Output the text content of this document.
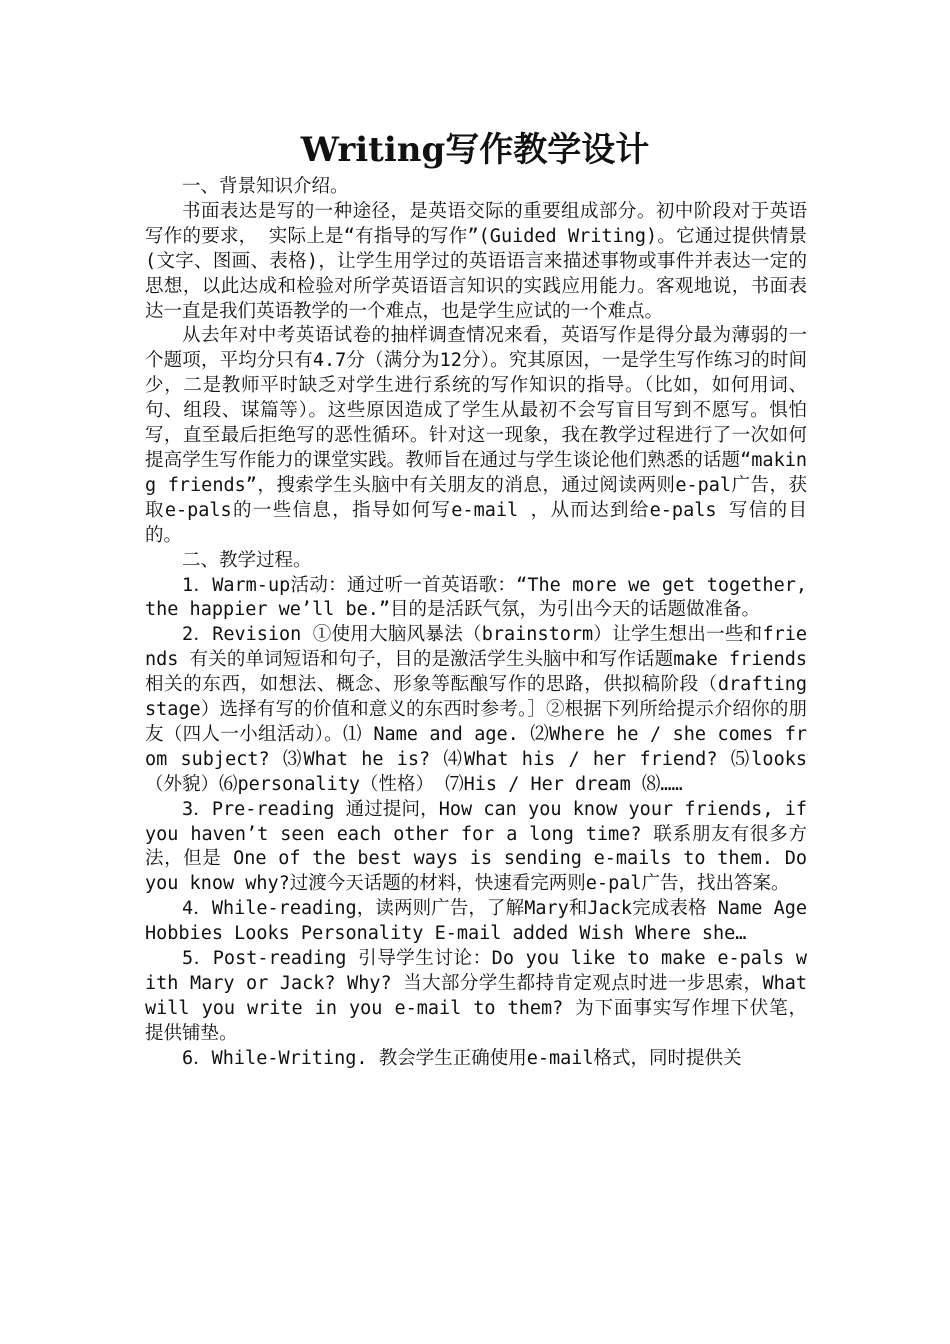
Writing写作教学设计

一、背景知识介绍。

书面表达是写的一种途径，是英语交际的重要组成部分。初中阶段对于英语写作的要求， 实际上是“有指导的写作”(Guided Writing)。它通过提供情景(文字、图画、表格)，让学生用学过的英语语言来描述事物或事件并表达一定的思想，以此达成和检验对所学英语语言知识的实践应用能力。客观地说，书面表达一直是我们英语教学的一个难点，也是学生应试的一个难点。

从去年对中考英语试卷的抽样调查情况来看，英语写作是得分最为薄弱的一个题项，平均分只有4.7分（满分为12分）。究其原因，一是学生写作练习的时间少，二是教师平时缺乏对学生进行系统的写作知识的指导。（比如，如何用词、句、组段、谋篇等）。这些原因造成了学生从最初不会写盲目写到不愿写。惧怕写，直至最后拒绝写的恶性循环。针对这一现象，我在教学过程进行了一次如何提高学生写作能力的课堂实践。教师旨在通过与学生谈论他们熟悉的话题“making friends”，搜索学生头脑中有关朋友的消息，通过阅读两则e-pal广告，获取e-pals的一些信息，指导如何写e-mail ，从而达到给e-pals 写信的目的。

二、教学过程。

1．Warm-up活动：通过听一首英语歌：“The more we get together, the happier we’ll be.”目的是活跃气氛，为引出今天的话题做准备。

2．Revision ①使用大脑风暴法（brainstorm）让学生想出一些和friends 有关的单词短语和句子，目的是激活学生头脑中和写作话题make friends 相关的东西，如想法、概念、形象等酝酿写作的思路，供拟稿阶段（drafting stage）选择有写的价值和意义的东西时参考。］②根据下列所给提示介绍你的朋友（四人一小组活动）。⑴ Name and age. ⑵Where he / she comes from subject? ⑶What he is? ⑷What his / her friend? ⑸looks（外貌）⑹personality（性格） ⑺His / Her dream ⑻……

3．Pre-reading 通过提问，How can you know your friends, if you haven’t seen each other for a long time? 联系朋友有很多方法，但是 One of the best ways is sending e-mails to them. Do you know why?过渡今天话题的材料，快速看完两则e-pal广告，找出答案。

4．While-reading，读两则广告，了解Mary和Jack完成表格 Name Age Hobbies Looks Personality E-mail added Wish Where she…

5．Post-reading 引导学生讨论：Do you like to make e-pals with Mary or Jack? Why? 当大部分学生都持肯定观点时进一步思索，What will you write in you e-mail to them? 为下面事实写作埋下伏笔，提供铺垫。

6．While-Writing. 教会学生正确使用e-mail格式，同时提供关
